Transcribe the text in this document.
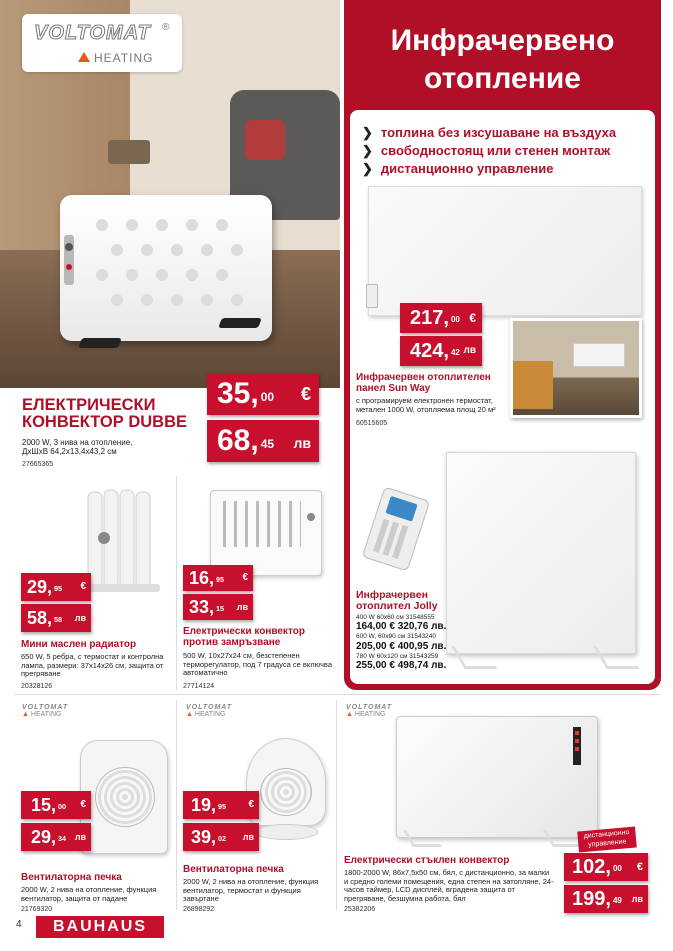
VOLTOMAT ®
HEATING
ЕЛЕКТРИЧЕСКИ
КОНВЕКТОР DUBBE
2000 W, 3 нива на отопление, ДхШхВ 64,2x13,4x43,2 см
27665365
35, $^{00}$ €
68, $^{45}$ лв
Инфрачервено
отопление
❯ топлина без изсушаване на въздуха
❯ свободностоящ или стенен монтаж
❯ дистанционно управление
217, $^{00}$ €
424, $^{42}$ лв
Инфрачервен отоплителен
панел Sun Way
с програмируем електронен термостат, метален 1000 W, отопляема площ 20 м²
60515605
Инфрачервен
отоплител Jolly
400 W 60x60 см 31548555
164,00 € 320,76 лв.
600 W, 60x90 см 31543240
205,00 € 400,95 лв.
780 W 60x120 см 31543259
255,00 € 498,74 лв.
29, $^{95}$ €
58, $^{58}$ лв
Мини маслен радиатор
650 W, 5 ребра, с термостат и контролна лампа, размери: 37x14x26 см, защита от прегряване
20328126
16, $^{95}$ €
33, $^{15}$ лв
Електрически конвектор
против замръзване
500 W, 10x27x24 см, безстепенен терморегулатор, под 7 градуса се включва автоматично
27714124
VOLTOMAT
▲ HEATING
VOLTOMAT
▲ HEATING
VOLTOMAT
▲ HEATING
15, $^{00}$ €
29, $^{34}$ лв
Вентилаторна печка
2000 W, 2 нива на отопление, функция вентилатор, защита от падане
21769320
19, $^{95}$ €
39, $^{02}$ лв
Вентилаторна печка
2000 W, 2 нива на отопление, функция вентилатор, термостат и функция завъртане
26898292
дистанционно
управление
102, $^{00}$ €
199, $^{49}$ лв
Електрически стъклен конвектор
1800-2000 W, 86x7,5x50 см, бял, с дистанционно, за малки и средно големи помещения, една степен на затопляне, 24-часов таймер, LCD дисплей, вградена защита от прегряване, безшумна работа, бял
25382206
4	BAUHAUS
